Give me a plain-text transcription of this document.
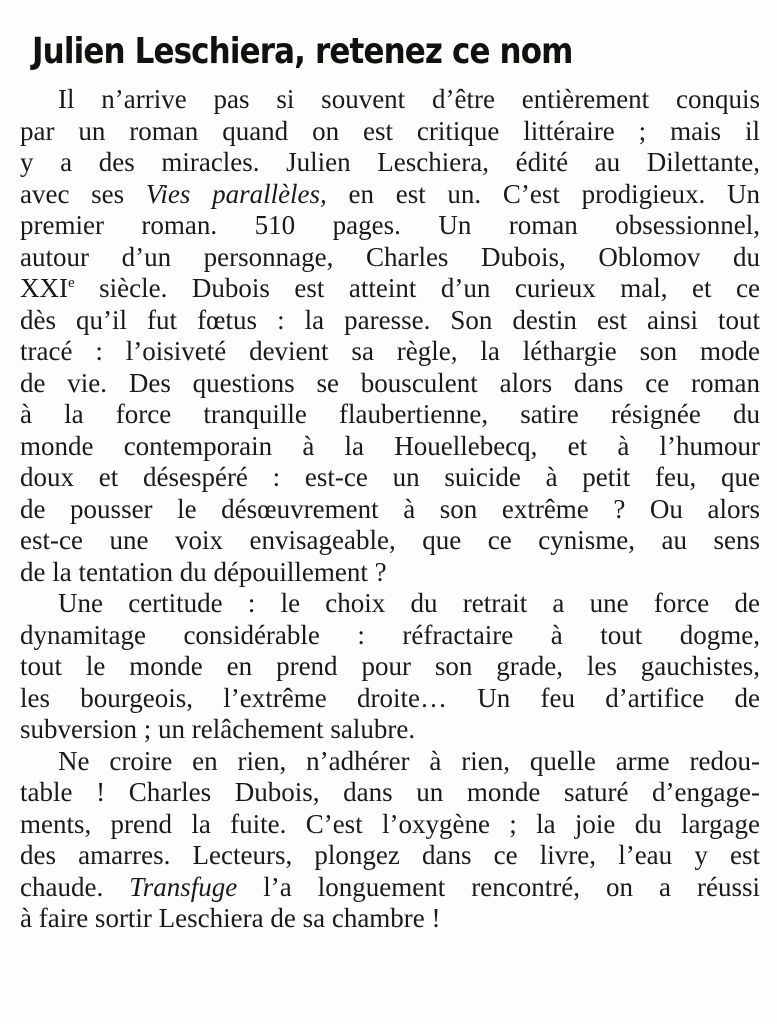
Julien Leschiera, retenez ce nom
Il n’arrive pas si souvent d’être entièrement conquis
par un roman quand on est critique littéraire ; mais il
y a des miracles. Julien Leschiera, édité au Dilettante,
avec ses Vies parallèles, en est un. C’est prodigieux. Un
premier roman. 510 pages. Un roman obsessionnel,
autour d’un personnage, Charles Dubois, Oblomov du
XXIe siècle. Dubois est atteint d’un curieux mal, et ce
dès qu’il fut fœtus : la paresse. Son destin est ainsi tout
tracé : l’oisiveté devient sa règle, la léthargie son mode
de vie. Des questions se bousculent alors dans ce roman
à la force tranquille flaubertienne, satire résignée du
monde contemporain à la Houellebecq, et à l’humour
doux et désespéré : est-ce un suicide à petit feu, que
de pousser le désœuvrement à son extrême ? Ou alors
est-ce une voix envisageable, que ce cynisme, au sens
de la tentation du dépouillement ?
Une certitude : le choix du retrait a une force de
dynamitage considérable : réfractaire à tout dogme,
tout le monde en prend pour son grade, les gauchistes,
les bourgeois, l’extrême droite… Un feu d’artifice de
subversion ; un relâchement salubre.
Ne croire en rien, n’adhérer à rien, quelle arme redou-
table ! Charles Dubois, dans un monde saturé d’engage-
ments, prend la fuite. C’est l’oxygène ; la joie du largage
des amarres. Lecteurs, plongez dans ce livre, l’eau y est
chaude. Transfuge l’a longuement rencontré, on a réussi
à faire sortir Leschiera de sa chambre !
